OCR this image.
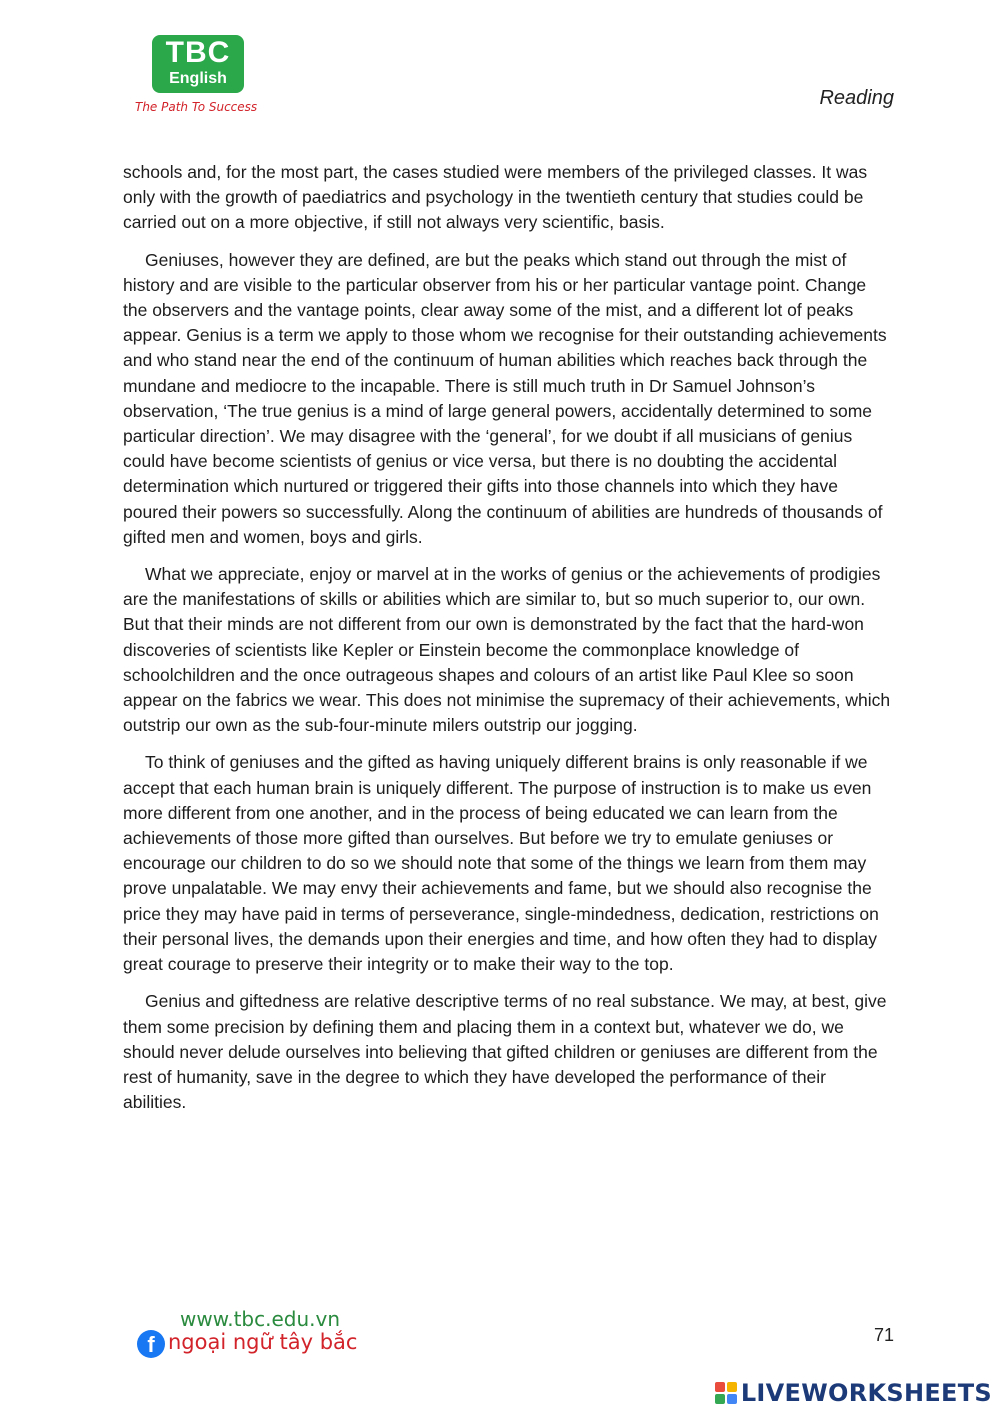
TBC
English
The Path To Success	Reading

schools and, for the most part, the cases studied were members of the privileged classes. It was only with the growth of paediatrics and psychology in the twentieth century that studies could be carried out on a more objective, if still not always very scientific, basis.

Geniuses, however they are defined, are but the peaks which stand out through the mist of history and are visible to the particular observer from his or her particular vantage point. Change the observers and the vantage points, clear away some of the mist, and a different lot of peaks appear. Genius is a term we apply to those whom we recognise for their outstanding achievements and who stand near the end of the continuum of human abilities which reaches back through the mundane and mediocre to the incapable. There is still much truth in Dr Samuel Johnson’s observation, ‘The true genius is a mind of large general powers, accidentally determined to some particular direction’. We may disagree with the ‘general’, for we doubt if all musicians of genius could have become scientists of genius or vice versa, but there is no doubting the accidental determination which nurtured or triggered their gifts into those channels into which they have poured their powers so successfully. Along the continuum of abilities are hundreds of thousands of gifted men and women, boys and girls.

What we appreciate, enjoy or marvel at in the works of genius or the achievements of prodigies are the manifestations of skills or abilities which are similar to, but so much superior to, our own. But that their minds are not different from our own is demonstrated by the fact that the hard-won discoveries of scientists like Kepler or Einstein become the commonplace knowledge of schoolchildren and the once outrageous shapes and colours of an artist like Paul Klee so soon appear on the fabrics we wear. This does not minimise the supremacy of their achievements, which outstrip our own as the sub-four-minute milers outstrip our jogging.

To think of geniuses and the gifted as having uniquely different brains is only reasonable if we accept that each human brain is uniquely different. The purpose of instruction is to make us even more different from one another, and in the process of being educated we can learn from the achievements of those more gifted than ourselves. But before we try to emulate geniuses or encourage our children to do so we should note that some of the things we learn from them may prove unpalatable. We may envy their achievements and fame, but we should also recognise the price they may have paid in terms of perseverance, single-mindedness, dedication, restrictions on their personal lives, the demands upon their energies and time, and how often they had to display great courage to preserve their integrity or to make their way to the top.

Genius and giftedness are relative descriptive terms of no real substance. We may, at best, give them some precision by defining them and placing them in a context but, whatever we do, we should never delude ourselves into believing that gifted children or geniuses are different from the rest of humanity, save in the degree to which they have developed the performance of their abilities.

www.tbc.edu.vn
f ngoại ngữ tây bắc	71
LIVEWORKSHEETS
